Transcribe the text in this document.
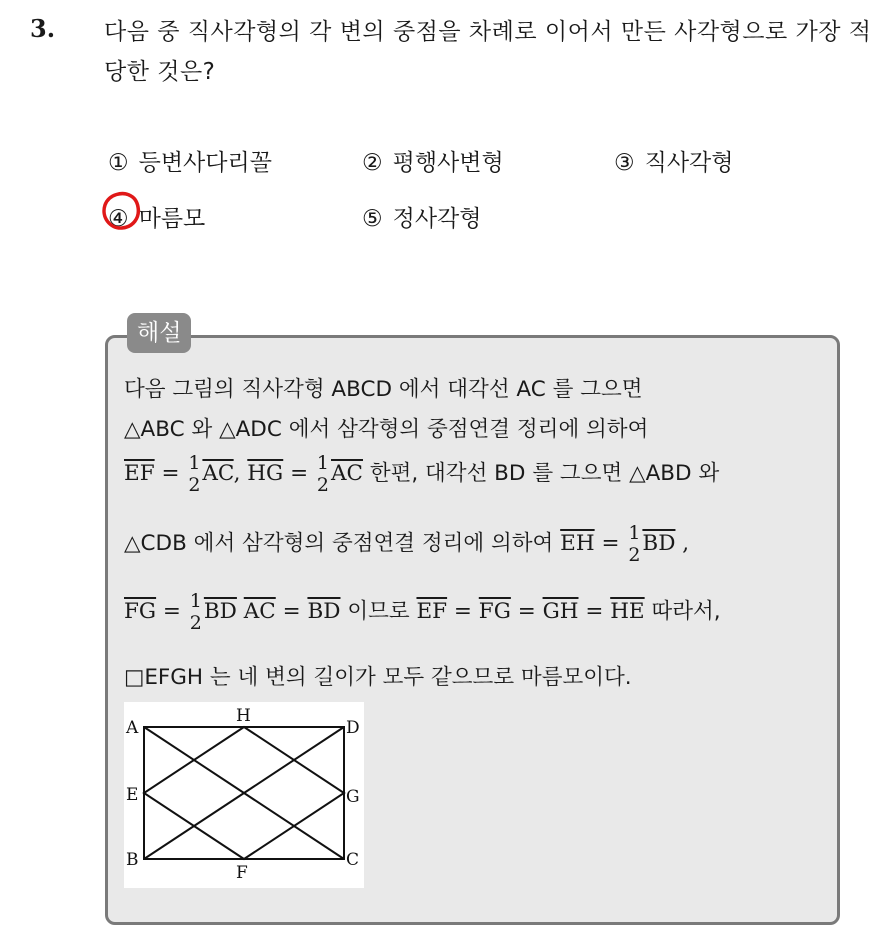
3. 다음 중 직사각형의 각 변의 중점을 차례로 이어서 만든 사각형으로 가장 적당한 것은?
① 등변사다리꼴	② 평행사변형	③ 직사각형
④ 마름모	⑤ 정사각형
해설
다음 그림의 직사각형 ABCD 에서 대각선 AC 를 그으면
△ABC 와 △ADC 에서 삼각형의 중점연결 정리에 의하여
$\overline{EF} = 1$
2 $\overline{AC}$, $\overline{HG} = 1$
2 $\overline{AC}$ 한편, 대각선 BD 를 그으면 △ABD 와
△CDB 에서 삼각형의 중점연결 정리에 의하여 $\overline{EH} = 1$
2 $\overline{BD}$ ,
$\overline{FG} = 1$
2 $\overline{BD}$ $\overline{AC} = \overline{BD}$ 이므로 $\overline{EF} = \overline{FG} = \overline{GH} = \overline{HE}$ 따라서,
□EFGH 는 네 변의 길이가 모두 같으므로 마름모이다.
A	D
H
E	G
B	C
F
